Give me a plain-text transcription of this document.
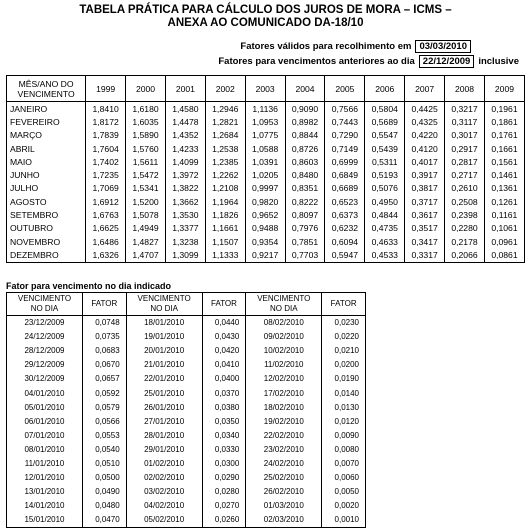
TABELA PRÁTICA PARA CÁLCULO DOS JUROS DE MORA – ICMS –
ANEXA AO COMUNICADO DA-18/10
Fatores válidos para recolhimento em 03/03/2010
Fatores para vencimentos anteriores ao dia 22/12/2009 inclusive
MÊS/ANO DO
VENCIMENTO	1999	2000	2001	2002	2003	2004	2005	2006	2007	2008	2009
JANEIRO	1,8410	1,6180	1,4580	1,2946	1,1136	0,9090	0,7566	0,5804	0,4425	0,3217	0,1961
FEVEREIRO	1,8172	1,6035	1,4478	1,2821	1,0953	0,8982	0,7443	0,5689	0,4325	0,3117	0,1861
MARÇO	1,7839	1,5890	1,4352	1,2684	1,0775	0,8844	0,7290	0,5547	0,4220	0,3017	0,1761
ABRIL	1,7604	1,5760	1,4233	1,2538	1,0588	0,8726	0,7149	0,5439	0,4120	0,2917	0,1661
MAIO	1,7402	1,5611	1,4099	1,2385	1,0391	0,8603	0,6999	0,5311	0,4017	0,2817	0,1561
JUNHO	1,7235	1,5472	1,3972	1,2262	1,0205	0,8480	0,6849	0,5193	0,3917	0,2717	0,1461
JULHO	1,7069	1,5341	1,3822	1,2108	0,9997	0,8351	0,6689	0,5076	0,3817	0,2610	0,1361
AGOSTO	1,6912	1,5200	1,3662	1,1964	0,9820	0,8222	0,6523	0,4950	0,3717	0,2508	0,1261
SETEMBRO	1,6763	1,5078	1,3530	1,1826	0,9652	0,8097	0,6373	0,4844	0,3617	0,2398	0,1161
OUTUBRO	1,6625	1,4949	1,3377	1,1661	0,9488	0,7976	0,6232	0,4735	0,3517	0,2280	0,1061
NOVEMBRO	1,6486	1,4827	1,3238	1,1507	0,9354	0,7851	0,6094	0,4633	0,3417	0,2178	0,0961
DEZEMBRO	1,6326	1,4707	1,3099	1,1333	0,9217	0,7703	0,5947	0,4533	0,3317	0,2066	0,0861
Fator para vencimento no dia indicado
VENCIMENTO
NO DIA	FATOR	VENCIMENTO
NO DIA	FATOR	VENCIMENTO
NO DIA	FATOR
23/12/2009	0,0748	18/01/2010	0,0440	08/02/2010	0,0230
24/12/2009	0,0735	19/01/2010	0,0430	09/02/2010	0,0220
28/12/2009	0,0683	20/01/2010	0,0420	10/02/2010	0,0210
29/12/2009	0,0670	21/01/2010	0,0410	11/02/2010	0,0200
30/12/2009	0,0657	22/01/2010	0,0400	12/02/2010	0,0190
04/01/2010	0,0592	25/01/2010	0,0370	17/02/2010	0,0140
05/01/2010	0,0579	26/01/2010	0,0380	18/02/2010	0,0130
06/01/2010	0,0566	27/01/2010	0,0350	19/02/2010	0,0120
07/01/2010	0,0553	28/01/2010	0,0340	22/02/2010	0,0090
08/01/2010	0,0540	29/01/2010	0,0330	23/02/2010	0,0080
11/01/2010	0,0510	01/02/2010	0,0300	24/02/2010	0,0070
12/01/2010	0,0500	02/02/2010	0,0290	25/02/2010	0,0060
13/01/2010	0,0490	03/02/2010	0,0280	26/02/2010	0,0050
14/01/2010	0,0480	04/02/2010	0,0270	01/03/2010	0,0020
15/01/2010	0,0470	05/02/2010	0,0260	02/03/2010	0,0010
